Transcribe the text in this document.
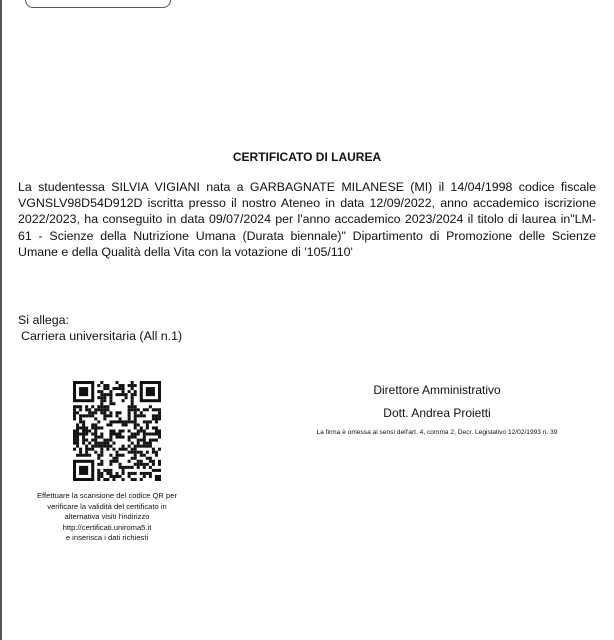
CERTIFICATO DI LAUREA
La studentessa SILVIA VIGIANI nata a GARBAGNATE MILANESE (MI) il 14/04/1998 codice fiscale VGNSLV98D54D912D iscritta presso il nostro Ateneo in data 12/09/2022, anno accademico iscrizione 2022/2023, ha conseguito in data 09/07/2024 per l'anno accademico 2023/2024 il titolo di laurea in"LM-61 - Scienze della Nutrizione Umana (Durata biennale)" Dipartimento di Promozione delle Scienze Umane e della Qualità della Vita con la votazione di '105/110'
Si allega:
Carriera universitaria (All n.1)
Effettuare la scansione del codice QR per
verificare la validità del certificato in
alternativa visiti l'indirizzo
http://certificati.uniroma5.it
e inserisca i dati richiesti
Direttore Amministrativo
Dott. Andrea Proietti
La firma è omessa ai sensi dell'art. 4, comma 2, Decr. Legislativo 12/02/1993 n. 39
